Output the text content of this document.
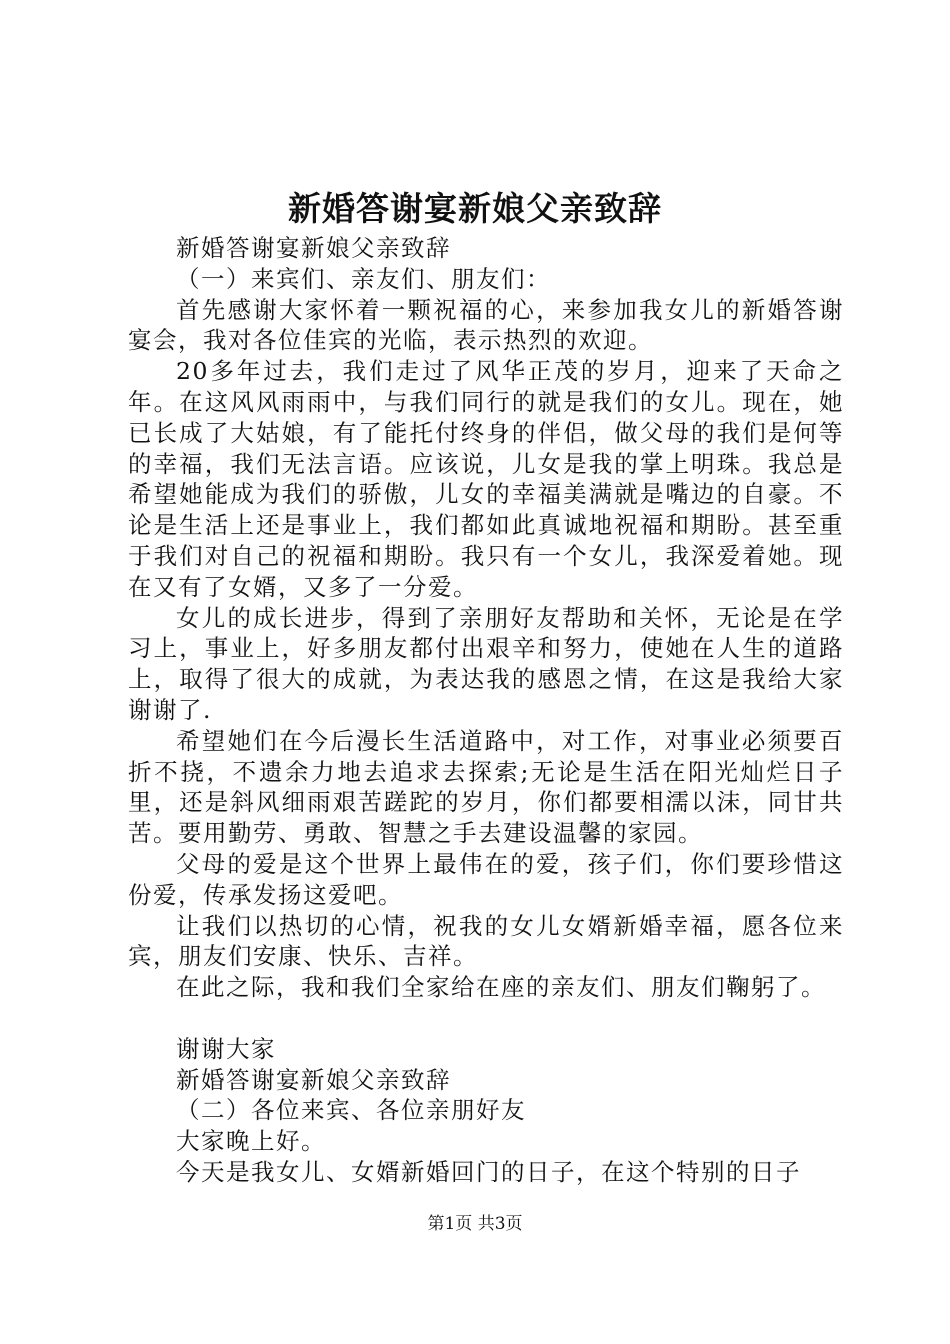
新婚答谢宴新娘父亲致辞

新婚答谢宴新娘父亲致辞

（一）来宾们、亲友们、朋友们：

首先感谢大家怀着一颗祝福的心，来参加我女儿的新婚答谢宴会，我对各位佳宾的光临，表示热烈的欢迎。

20多年过去，我们走过了风华正茂的岁月，迎来了天命之年。在这风风雨雨中，与我们同行的就是我们的女儿。现在，她已长成了大姑娘，有了能托付终身的伴侣，做父母的我们是何等的幸福，我们无法言语。应该说，儿女是我的掌上明珠。我总是希望她能成为我们的骄傲，儿女的幸福美满就是嘴边的自豪。不论是生活上还是事业上，我们都如此真诚地祝福和期盼。甚至重于我们对自己的祝福和期盼。我只有一个女儿，我深爱着她。现在又有了女婿，又多了一分爱。

女儿的成长进步，得到了亲朋好友帮助和关怀，无论是在学习上，事业上，好多朋友都付出艰辛和努力，使她在人生的道路上，取得了很大的成就，为表达我的感恩之情，在这是我给大家谢谢了.

希望她们在今后漫长生活道路中，对工作，对事业必须要百折不挠，不遗余力地去追求去探索;无论是生活在阳光灿烂日子里，还是斜风细雨艰苦蹉跎的岁月，你们都要相濡以沫，同甘共苦。要用勤劳、勇敢、智慧之手去建设温馨的家园。

父母的爱是这个世界上最伟在的爱，孩子们，你们要珍惜这份爱，传承发扬这爱吧。

让我们以热切的心情，祝我的女儿女婿新婚幸福，愿各位来宾，朋友们安康、快乐、吉祥。

在此之际，我和我们全家给在座的亲友们、朋友们鞠躬了。

谢谢大家

新婚答谢宴新娘父亲致辞

（二）各位来宾、各位亲朋好友

大家晚上好。

今天是我女儿、女婿新婚回门的日子，在这个特别的日子

第1页 共3页
